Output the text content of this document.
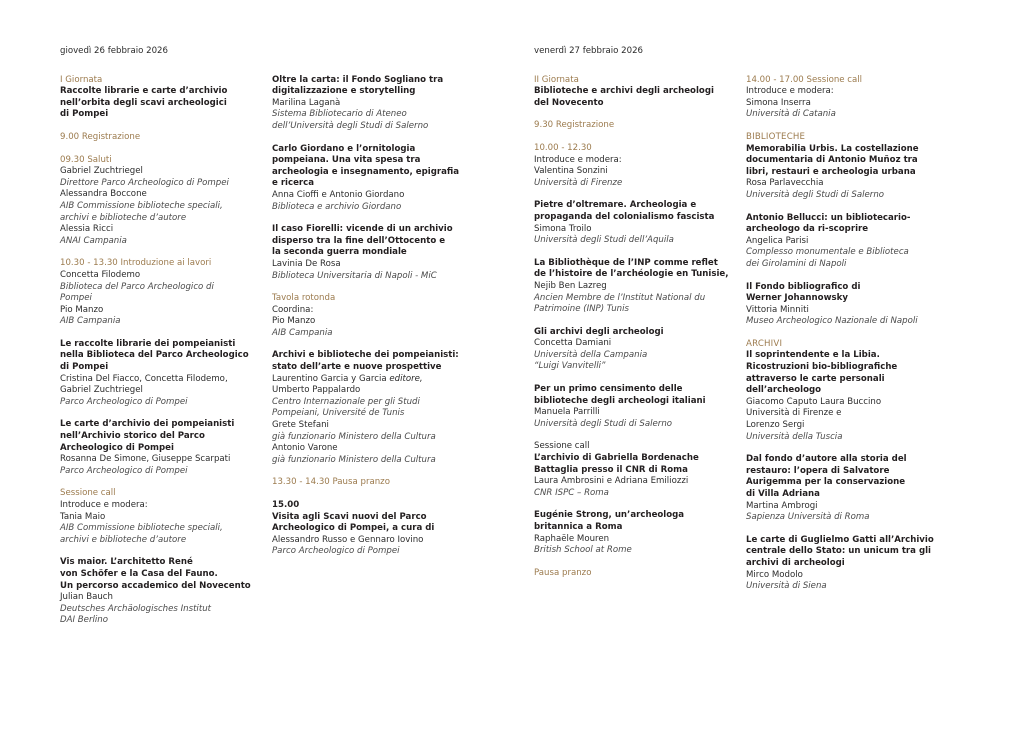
giovedì 26 febbraio 2026
I Giornata
Raccolte librarie e carte d’archivio
nell’orbita degli scavi archeologici
di Pompei
9.00 Registrazione
09.30 Saluti
Gabriel Zuchtriegel
Direttore Parco Archeologico di Pompei
Alessandra Boccone
AIB Commissione biblioteche speciali,
archivi e biblioteche d’autore
Alessia Ricci
ANAI Campania
10.30 - 13.30 Introduzione ai lavori
Concetta Filodemo
Biblioteca del Parco Archeologico di
Pompei
Pio Manzo
AIB Campania
Le raccolte librarie dei pompeianisti
nella Biblioteca del Parco Archeologico
di Pompei
Cristina Del Fiacco, Concetta Filodemo,
Gabriel Zuchtriegel
Parco Archeologico di Pompei
Le carte d’archivio dei pompeianisti
nell’Archivio storico del Parco
Archeologico di Pompei
Rosanna De Simone, Giuseppe Scarpati
Parco Archeologico di Pompei
Sessione call
Introduce e modera:
Tania Maio
AIB Commissione biblioteche speciali,
archivi e biblioteche d’autore
Vis maior. L’architetto René
von Schöfer e la Casa del Fauno.
Un percorso accademico del Novecento
Julian Bauch
Deutsches Archäologisches Institut
DAI Berlino

Oltre la carta: il Fondo Sogliano tra
digitalizzazione e storytelling
Marilina Laganà
Sistema Bibliotecario di Ateneo
dell’Università degli Studi di Salerno
Carlo Giordano e l’ornitologia
pompeiana. Una vita spesa tra
archeologia e insegnamento, epigrafia
e ricerca
Anna Cioffi e Antonio Giordano
Biblioteca e archivio Giordano
Il caso Fiorelli: vicende di un archivio
disperso tra la fine dell’Ottocento e
la seconda guerra mondiale
Lavinia De Rosa
Biblioteca Universitaria di Napoli - MiC
Tavola rotonda
Coordina:
Pio Manzo
AIB Campania
Archivi e biblioteche dei pompeianisti:
stato dell’arte e nuove prospettive
Laurentino Garcia y Garcia editore,
Umberto Pappalardo
Centro Internazionale per gli Studi
Pompeiani, Université de Tunis
Grete Stefani
già funzionario Ministero della Cultura
Antonio Varone
già funzionario Ministero della Cultura
13.30 - 14.30 Pausa pranzo
15.00
Visita agli Scavi nuovi del Parco
Archeologico di Pompei, a cura di
Alessandro Russo e Gennaro Iovino
Parco Archeologico di Pompei
venerdì 27 febbraio 2026
II Giornata
Biblioteche e archivi degli archeologi
del Novecento
9.30 Registrazione
10.00 - 12.30
Introduce e modera:
Valentina Sonzini
Università di Firenze
Pietre d’oltremare. Archeologia e
propaganda del colonialismo fascista
Simona Troilo
Università degli Studi dell’Aquila
La Bibliothèque de l’INP comme reflet
de l’histoire de l’archéologie en Tunisie,
Nejib Ben Lazreg
Ancien Membre de l’Institut National du
Patrimoine (INP) Tunis
Gli archivi degli archeologi
Concetta Damiani
Università della Campania
“Luigi Vanvitelli”
Per un primo censimento delle
biblioteche degli archeologi italiani
Manuela Parrilli
Università degli Studi di Salerno
Sessione call
L’archivio di Gabriella Bordenache
Battaglia presso il CNR di Roma
Laura Ambrosini e Adriana Emiliozzi
CNR ISPC – Roma
Eugénie Strong, un’archeologa
britannica a Roma
Raphaële Mouren
British School at Rome
Pausa pranzo

14.00 - 17.00 Sessione call
Introduce e modera:
Simona Inserra
Università di Catania
BIBLIOTECHE
Memorabilia Urbis. La costellazione
documentaria di Antonio Muñoz tra
libri, restauri e archeologia urbana
Rosa Parlavecchia
Università degli Studi di Salerno
Antonio Bellucci: un bibliotecario-
archeologo da ri-scoprire
Angelica Parisi
Complesso monumentale e Biblioteca
dei Girolamini di Napoli
Il Fondo bibliografico di
Werner Johannowsky
Vittoria Minniti
Museo Archeologico Nazionale di Napoli
ARCHIVI
Il soprintendente e la Libia.
Ricostruzioni bio-bibliografiche
attraverso le carte personali
dell’archeologo
Giacomo Caputo Laura Buccino
Università di Firenze e
Lorenzo Sergi
Università della Tuscia
Dal fondo d’autore alla storia del
restauro: l’opera di Salvatore
Aurigemma per la conservazione
di Villa Adriana
Martina Ambrogi
Sapienza Università di Roma
Le carte di Guglielmo Gatti all’Archivio
centrale dello Stato: un unicum tra gli
archivi di archeologi
Mirco Modolo
Università di Siena
